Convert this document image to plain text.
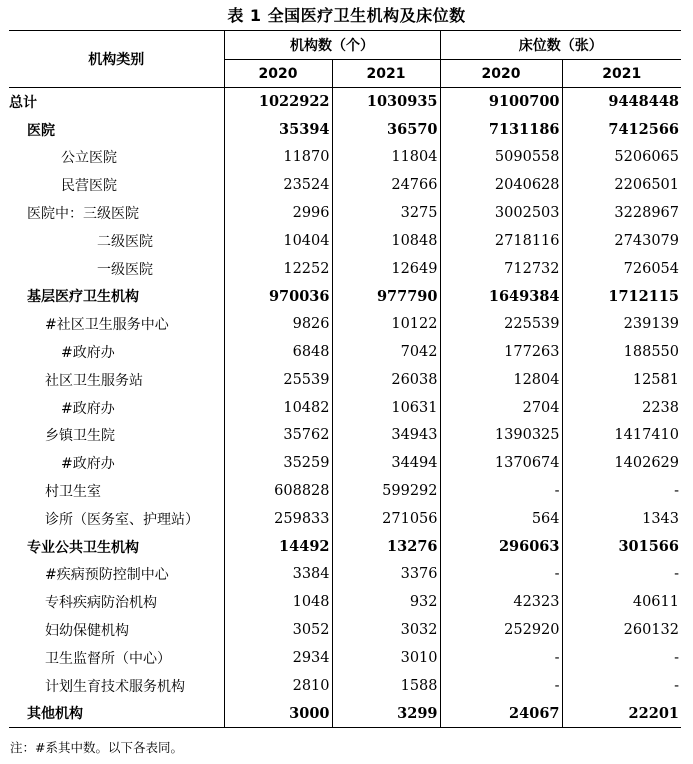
表 1 全国医疗卫生机构及床位数
机构类别	机构数（个）		床位数（张）	
	2020	2021	2020	2021
总计	1022922	1030935	9100700	9448448
医院	35394	36570	7131186	7412566
公立医院	11870	11804	5090558	5206065
民营医院	23524	24766	2040628	2206501
医院中：三级医院	2996	3275	3002503	3228967
二级医院	10404	10848	2718116	2743079
一级医院	12252	12649	712732	726054
基层医疗卫生机构	970036	977790	1649384	1712115
#社区卫生服务中心	9826	10122	225539	239139
#政府办	6848	7042	177263	188550
社区卫生服务站	25539	26038	12804	12581
#政府办	10482	10631	2704	2238
乡镇卫生院	35762	34943	1390325	1417410
#政府办	35259	34494	1370674	1402629
村卫生室	608828	599292	-	-
诊所（医务室、护理站）	259833	271056	564	1343
专业公共卫生机构	14492	13276	296063	301566
#疾病预防控制中心	3384	3376	-	-
专科疾病防治机构	1048	932	42323	40611
妇幼保健机构	3052	3032	252920	260132
卫生监督所（中心）	2934	3010	-	-
计划生育技术服务机构	2810	1588	-	-
其他机构	3000	3299	24067	22201
注：#系其中数。以下各表同。
